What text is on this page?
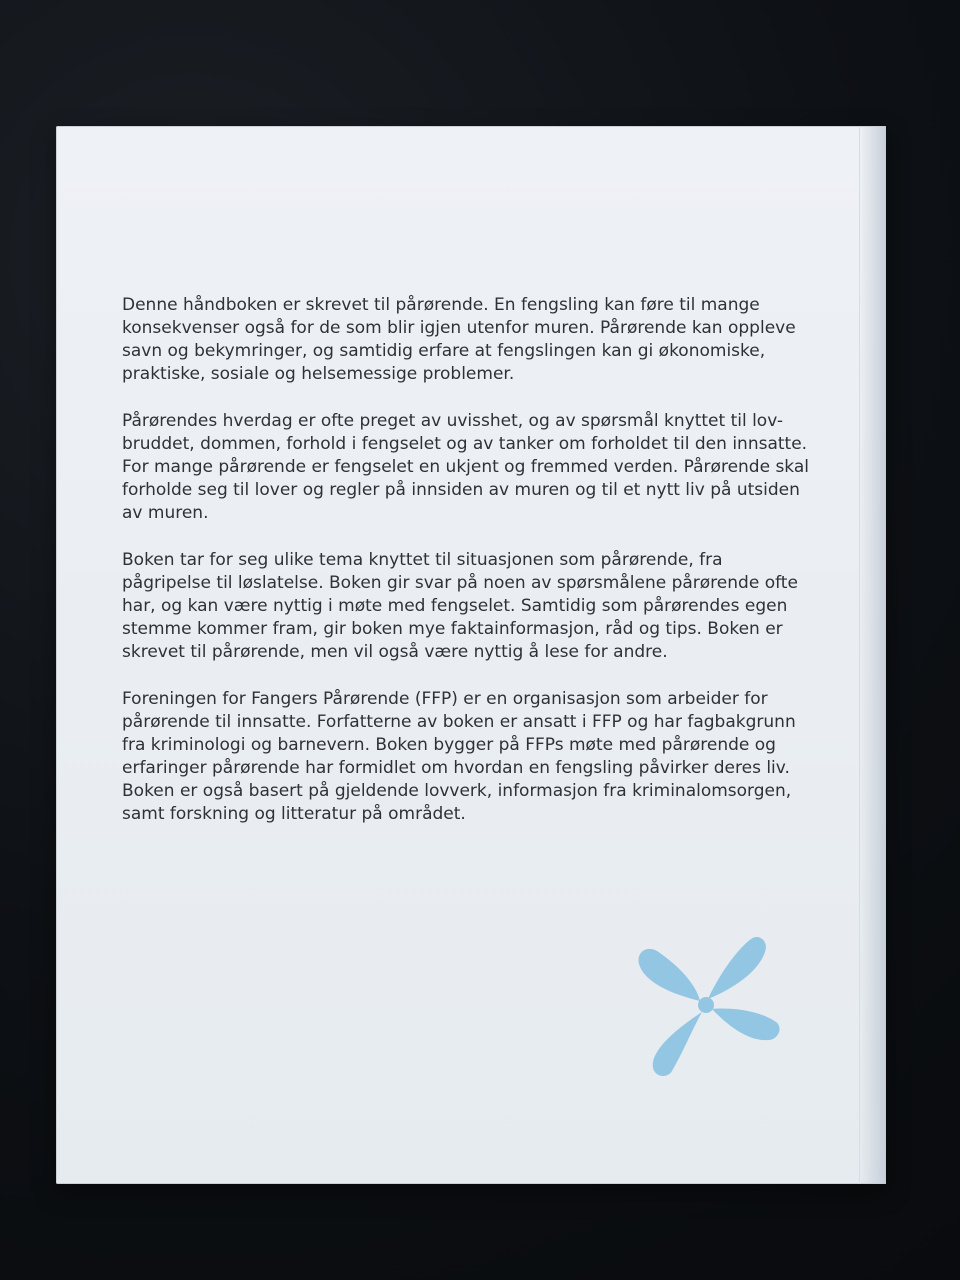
Denne håndboken er skrevet til pårørende. En fengsling kan føre til mange konsekvenser også for de som blir igjen utenfor muren. Pårørende kan oppleve savn og bekymringer, og samtidig erfare at fengslingen kan gi økonomiske, praktiske, sosiale og helsemessige problemer.

Pårørendes hverdag er ofte preget av uvisshet, og av spørsmål knyttet til lov-bruddet, dommen, forhold i fengselet og av tanker om forholdet til den innsatte. For mange pårørende er fengselet en ukjent og fremmed verden. Pårørende skal forholde seg til lover og regler på innsiden av muren og til et nytt liv på utsiden av muren.

Boken tar for seg ulike tema knyttet til situasjonen som pårørende, fra pågripelse til løslatelse. Boken gir svar på noen av spørsmålene pårørende ofte har, og kan være nyttig i møte med fengselet. Samtidig som pårørendes egen stemme kommer fram, gir boken mye faktainformasjon, råd og tips. Boken er skrevet til pårørende, men vil også være nyttig å lese for andre.

Foreningen for Fangers Pårørende (FFP) er en organisasjon som arbeider for pårørende til innsatte. Forfatterne av boken er ansatt i FFP og har fagbakgrunn fra kriminologi og barnevern. Boken bygger på FFPs møte med pårørende og erfaringer pårørende har formidlet om hvordan en fengsling påvirker deres liv. Boken er også basert på gjeldende lovverk, informasjon fra kriminalomsorgen, samt forskning og litteratur på området.
